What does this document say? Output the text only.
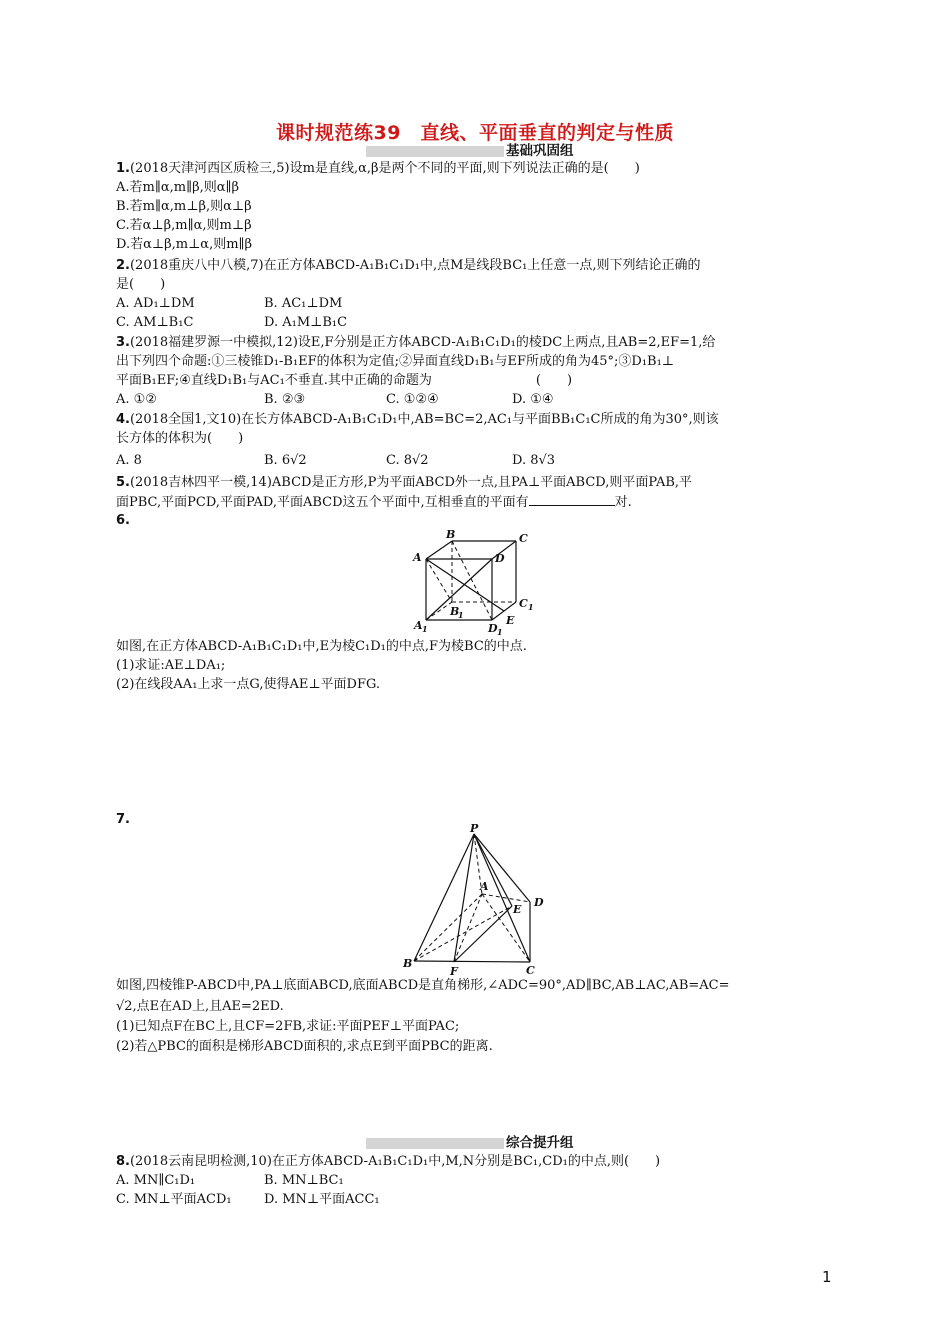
课时规范练39　直线、平面垂直的判定与性质
基础巩固组
1.(2018天津河西区质检三,5)设m是直线,α,β是两个不同的平面,则下列说法正确的是(　　)
A.若m∥α,m∥β,则α∥β
B.若m∥α,m⊥β,则α⊥β
C.若α⊥β,m∥α,则m⊥β
D.若α⊥β,m⊥α,则m∥β
2.(2018重庆八中八模,7)在正方体ABCD-A₁B₁C₁D₁中,点M是线段BC₁上任意一点,则下列结论正确的
是(　　)
A. AD₁⊥DM	B. AC₁⊥DM
C. AM⊥B₁C	D. A₁M⊥B₁C
3.(2018福建罗源一中模拟,12)设E,F分别是正方体ABCD-A₁B₁C₁D₁的棱DC上两点,且AB=2,EF=1,给
出下列四个命题:①三棱锥D₁-B₁EF的体积为定值;②异面直线D₁B₁与EF所成的角为45°;③D₁B₁⊥
平面B₁EF;④直线D₁B₁与AC₁不垂直.其中正确的命题为　　　　　　　　(　　)
A. ①②	B. ②③	C. ①②④	D. ①④
4.(2018全国1,文10)在长方体ABCD-A₁B₁C₁D₁中,AB=BC=2,AC₁与平面BB₁C₁C所成的角为30°,则该
长方体的体积为(　　)
A. 8	B. 6√2	C. 8√2	D. 8√3
5.(2018吉林四平一模,14)ABCD是正方形,P为平面ABCD外一点,且PA⊥平面ABCD,则平面PAB,平
面PBC,平面PCD,平面PAD,平面ABCD这五个平面中,互相垂直的平面有	对.
6.
A
B	C
D
A 1
B
1
C 1
D 1
E
如图,在正方体ABCD-A₁B₁C₁D₁中,E为棱C₁D₁的中点,F为棱BC的中点.
(1)求证:AE⊥DA₁;
(2)在线段AA₁上求一点G,使得AE⊥平面DFG.
7.
P
A
E
D
B
F	C
如图,四棱锥P-ABCD中,PA⊥底面ABCD,底面ABCD是直角梯形,∠ADC=90°,AD∥BC,AB⊥AC,AB=AC=
√2,点E在AD上,且AE=2ED.
(1)已知点F在BC上,且CF=2FB,求证:平面PEF⊥平面PAC;
(2)若△PBC的面积是梯形ABCD面积的,求点E到平面PBC的距离.
综合提升组
8.(2018云南昆明检测,10)在正方体ABCD-A₁B₁C₁D₁中,M,N分别是BC₁,CD₁的中点,则(　　)
A. MN∥C₁D₁	B. MN⊥BC₁
C. MN⊥平面ACD₁ D. MN⊥平面ACC₁
1
